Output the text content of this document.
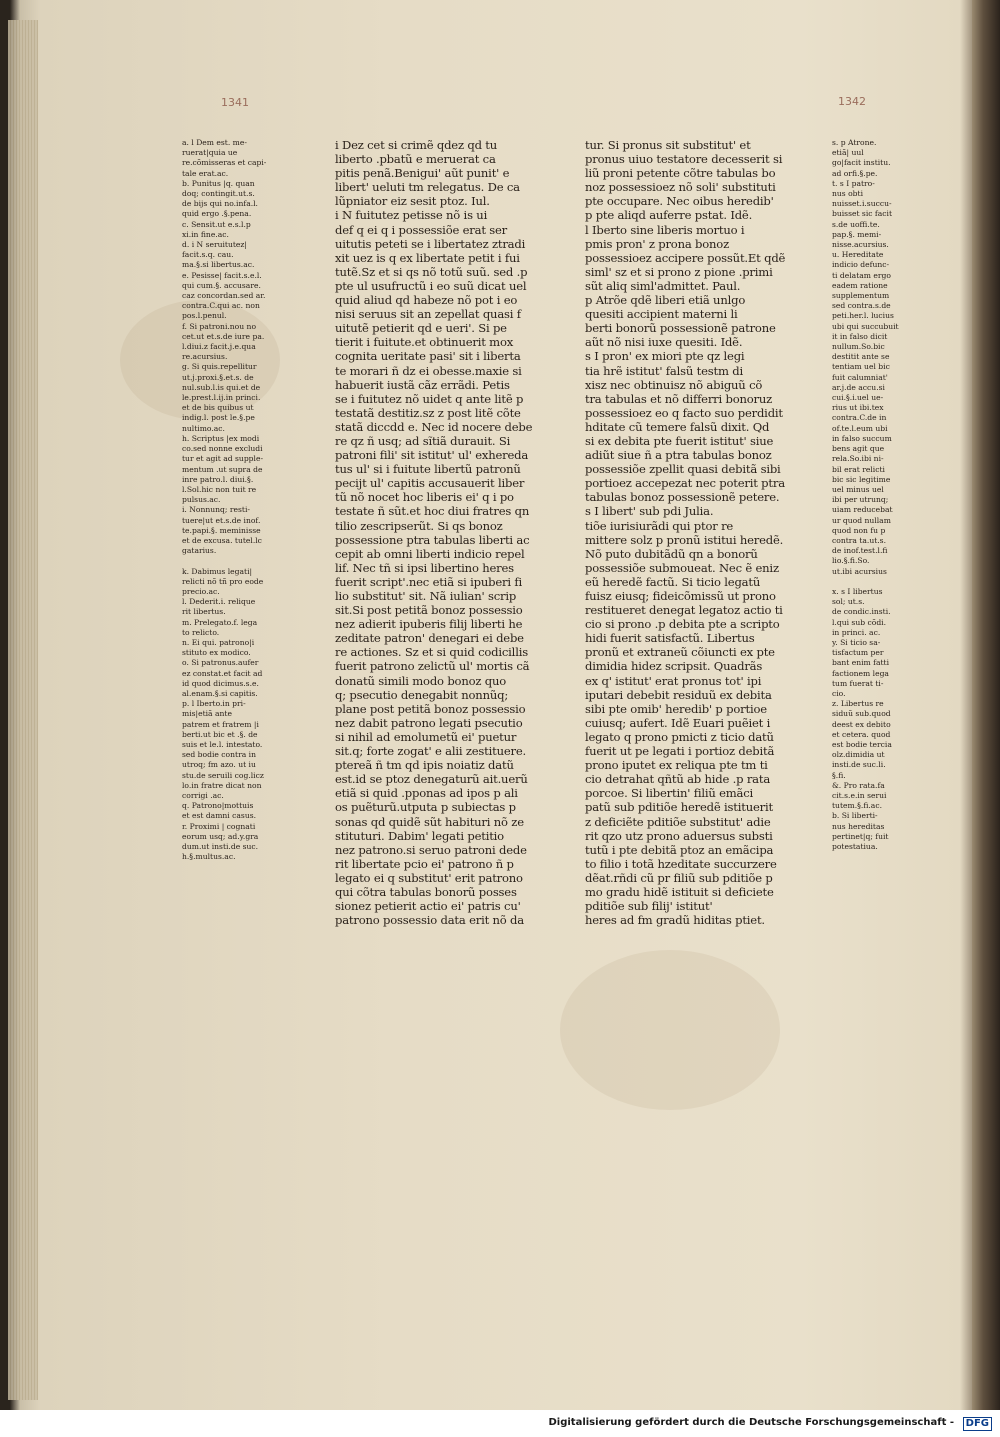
1341	1342

a. l Dem est. me-

ruerat|quia ue

re.cõmisseras et capi-

tale erat.ac.

b. Punitus |q. quan

doq; contingit.ut.s.

de bijs qui no.infa.l.

quid ergo .§.pena.

c. Sensit.ut e.s.l.p

xi.in fine.ac.

d. i N seruitutez|

facit.s.q. cau.

ma.§.si libertus.ac.

e. Pesisse| facit.s.e.l.

qui cum.§. accusare.

caz concordan.sed ar.

contra.C.qui ac. non

pos.l.penul.

f. Si patroni.nou no

cet.ut et.s.de iure pa.

l.diui.z facit.j.e.qua

re.acursius.

g. Si quis.repellitur

ut.j.proxi.§.et.s. de

nul.sub.l.is qui.et de

le.prest.l.ij.in princi.

et de bis quibus ut

indig.l. post le.§.pe

nultimo.ac.

h. Scriptus |ex modi

co.sed nonne excludi

tur et agit ad supple-

mentum .ut supra de

inre patro.l. diui.§.

l.Sol.hic non tuit re

pulsus.ac.

i. Nonnunq; resti-

tuere|ut et.s.de inof.

te.papi.§. meminisse

et de excusa. tutel.lc

gatarius.

k. Dabimus legati|

relicti nõ tñ pro eode

precio.ac.

l. Dederit.i. relique

rit libertus.

m. Prelegato.f. lega

to relicto.

n. Ei qui. patrono|i

stituto ex modico.

o. Si patronus.aufer

ez constat.et facit ad

id quod dicimus.s.e.

al.enam.§.si capitis.

p. l Iberto.in pri-

mis|etiã ante

patrem et fratrem |i

berti.ut bic et .§. de

suis et le.l. intestato.

sed bodie contra in

utroq; fm azo. ut iu

stu.de seruili cog.licz

lo.in fratre dicat non

corrigi .ac.

q. Patrono|mottuis

et est damni casus.

r. Proximi | cognati

eorum usq; ad.y.gra

dum.ut insti.de suc.

h.§.multus.ac.

i Dez cet si crimẽ qdez qd tu

liberto .pbatũ e meruerat ca

pitis penã.Benigui' aũt punit' e

libert' ueluti tm relegatus. De ca

lũpniator eiz sesit ptoz. Iul.

i N fuitutez petisse nõ is ui

def q ei q i possessiõe erat ser

uitutis peteti se i libertatez ztradi

xit uez is q ex libertate petit i fui

tutẽ.Sz et si qs nõ totũ suũ. sed .p

pte ul usufructũ i eo suũ dicat uel

quid aliud qd habeze nõ pot i eo

nisi seruus sit an zepellat quasi f

uitutẽ petierit qd e ueri'. Si pe

tierit i fuitute.et obtinuerit mox

cognita ueritate pasi' sit i liberta

te morari ñ dz ei obesse.maxie si

habuerit iustã cãz errãdi. Petis

se i fuitutez nõ uidet q ante litẽ p

testatã destitiz.sz z post litẽ cõte

statã diccdd e. Nec id nocere debe

re qz ñ usq; ad sĩtiã durauit. Si

patroni fili' sit istitut' ul' exhereda

tus ul' si i fuitute libertũ patronũ

pecijt ul' capitis accusauerit liber

tũ nõ nocet hoc liberis ei' q i po

testate ñ sũt.et hoc diui fratres qn

tilio zescripserũt. Si qs bonoz

possessione ptra tabulas liberti ac

cepit ab omni liberti indicio repel

lif. Nec tñ si ipsi libertino heres

fuerit script'.nec etiã si ipuberi fi

lio substitut' sit. Nã iulian' scrip

sit.Si post petitã bonoz possessio

nez adierit ipuberis filij liberti he

zeditate patron' denegari ei debe

re actiones. Sz et si quid codicillis

fuerit patrono zelictũ ul' mortis cã

donatũ simili modo bonoz quo

q; psecutio denegabit nonnũq;

plane post petitã bonoz possessio

nez dabit patrono legati psecutio

si nihil ad emolumetũ ei' puetur

sit.q; forte zogat' e alii zestituere.

ptereã ñ tm qd ipis noiatiz datũ

est.id se ptoz denegaturũ ait.uerũ

etiã si quid .pponas ad ipos p ali

os puẽturũ.utputa p subiectas p

sonas qd quidẽ sũt habituri nõ ze

stituturi. Dabim' legati petitio

nez patrono.si seruo patroni dede

rit libertate pcio ei' patrono ñ p

legato ei q substitut' erit patrono

qui cõtra tabulas bonorũ posses

sionez petierit actio ei' patris cu'

patrono possessio data erit nõ da

tur. Si pronus sit substitut' et

pronus uiuo testatore decesserit si

liũ proni petente cõtre tabulas bo

noz possessioez nõ soli' substituti

pte occupare. Nec oibus heredib'

p pte aliqd auferre pstat. Idẽ.

l Iberto sine liberis mortuo i

pmis pron' z prona bonoz

possessioez accipere possũt.Et qdẽ

siml' sz et si prono z pione .primi

sũt aliq siml'admittet. Paul.

p Atrõe qdẽ liberi etiã unlgo

quesiti accipient materni li

berti bonorũ possessionẽ patrone

aũt nõ nisi iuxe quesiti. Idẽ.

s I pron' ex miori pte qz legi

tia hrẽ istitut' falsũ testm di

xisz nec obtinuisz nõ abiguũ cõ

tra tabulas et nõ differri bonoruz

possessioez eo q facto suo perdidit

hditate cũ temere falsũ dixit. Qd

si ex debita pte fuerit istitut' siue

adiũt siue ñ a ptra tabulas bonoz

possessiõe zpellit quasi debitã sibi

portioez accepezat nec poterit ptra

tabulas bonoz possessionẽ petere.

s I libert' sub pdi Julia.

tiõe iurisiurãdi qui ptor re

mittere solz p pronũ istitui heredẽ.

Nõ puto dubitãdũ qn a bonorũ

possessiõe submoueat. Nec ẽ eniz

eũ heredẽ factũ. Si ticio legatũ

fuisz eiusq; fideicõmissũ ut prono

restitueret denegat legatoz actio ti

cio si prono .p debita pte a scripto

hidi fuerit satisfactũ. Libertus

pronũ et extraneũ cõiuncti ex pte

dimidia hidez scripsit. Quadrãs

ex q' istitut' erat pronus tot' ipi

iputari debebit residuũ ex debita

sibi pte omib' heredib' p portioe

cuiusq; aufert. Idẽ Euari puẽiet i

legato q prono pmicti z ticio datũ

fuerit ut pe legati i portioz debitã

prono iputet ex reliqua pte tm ti

cio detrahat qñtũ ab hide .p rata

porcoe. Si libertin' filiũ emãci

patũ sub pditiõe heredẽ istituerit

z deficiẽte pditiõe substitut' adie

rit qzo utz prono aduersus substi

tutũ i pte debitã ptoz an emãcipa

to filio i totã hzeditate succurzere

dẽat.rñdi cũ pr filiũ sub pditiõe p

mo gradu hidẽ istituit si deficiete

pditiõe sub filij' istitut'

heres ad fm gradũ hiditas ptiet.

s. p Atrone.

etiã| uul

go|facit institu.

ad orfi.§.pe.

t. s I patro-

nus obti

nuisset.i.succu-

buisset sic facit

s.de uoffi.te.

pap.§. memi-

nisse.acursius.

u. Hereditate

indicio defunc-

ti delatam ergo

eadem ratione

supplementum

sed contra.s.de

peti.her.l. lucius

ubi qui succubuit

it in falso dicit

nullum.So.bic

destitit ante se

tentiam uel bic

fuit calumniat'

ar.j.de accu.si

cui.§.i.uel ue-

rius ut ibi.tex

contra.C.de in

of.te.l.eum ubi

in falso succum

bens agit que

rela.So.ibi ni-

bil erat relicti

bic sic legitime

uel minus uel

ibi per utrunq;

uiam reducebat

ur quod nullam

quod non fu p

contra ta.ut.s.

de inof.test.l.fi

lio.§.fi.So.

ut.ibi acursius

x. s I libertus

sol; ut.s.

de condic.insti.

l.qui sub cõdi.

in princi. ac.

y. Si ticio sa-

tisfactum per

bant enim fatti

factionem lega

tum fuerat ti-

cio.

z. Libertus re

siduũ sub.quod

deest ex debito

et cetera. quod

est bodie tercia

olz.dimidia ut

insti.de suc.li.

§.fi.

&. Pro rata.fa

cit.s.e.in serui

tutem.§.fi.ac.

b. Si liberti-

nus hereditas

pertinet|q; fuit

potestatiua.

Digitalisierung gefördert durch die Deutsche Forschungsgemeinschaft -	DFG
